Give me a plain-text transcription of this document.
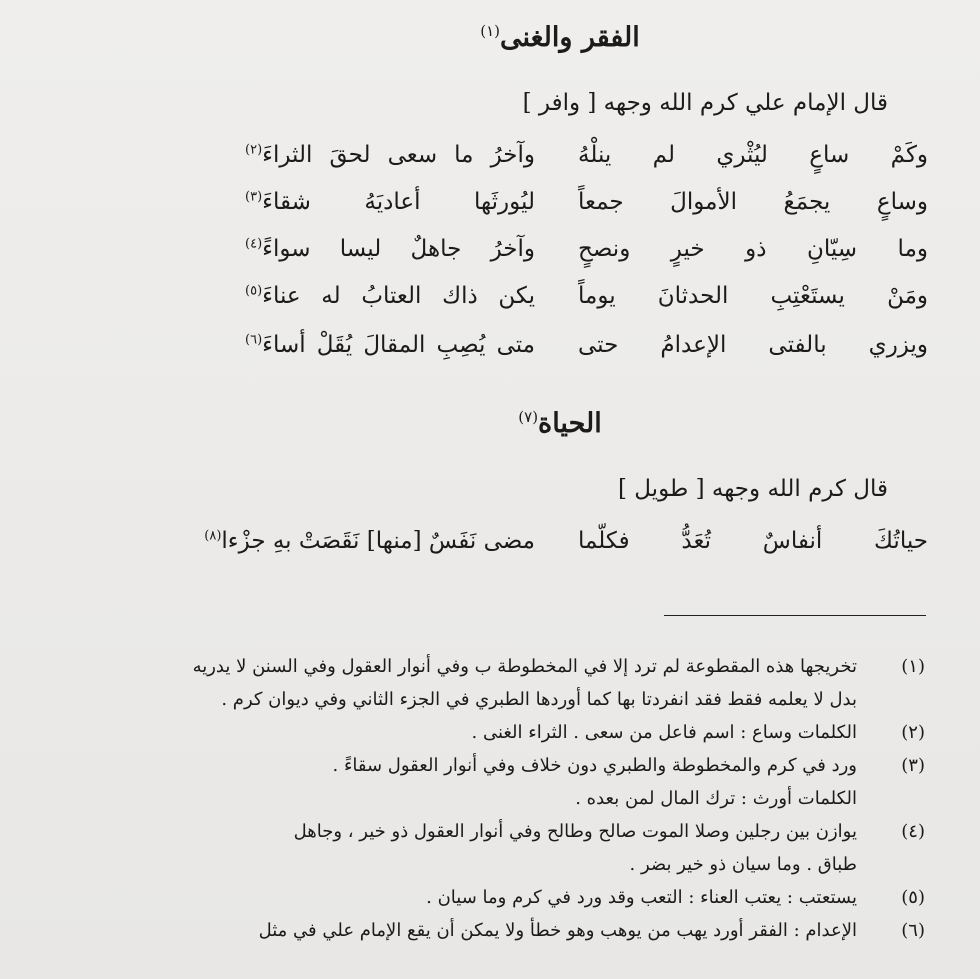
الفقر والغنى$^{(١)}$
قال الإمام علي كرم الله وجهه [ وافر ]
وكَمْ ساعٍ ليُثْري لم ينلْهُ
وآخرُ ما سعى لحقَ الثراءَ$^{(٢)}$
وساعٍ يجمَعُ الأموالَ جمعاً
ليُورثَها أعاديَهُ شقاءَ$^{(٣)}$
وما سِيّانِ ذو خيرٍ ونصحٍ
وآخرُ جاهلٌ ليسا سواءً$^{(٤)}$
ومَنْ يستَعْتِبِ الحدثانَ يوماً
يكن ذاك العتابُ له عناءَ$^{(٥)}$
ويزري بالفتى الإعدامُ حتى
متى يُصِبِ المقالَ يُقَلْ أساءَ$^{(٦)}$
الحياة$^{(٧)}$
قال كرم الله وجهه [ طويل ]
حياتُكَ أنفاسٌ تُعَدُّ فكلّما
مضى نَفَسٌ [منها] نَقَصَتْ بهِ جزْءا$^{(٨)}$
(١)
تخريجها هذه المقطوعة لم ترد إلا في المخطوطة ب وفي أنوار العقول وفي السنن لا يدريه
بدل لا يعلمه فقط فقد انفردتا بها كما أوردها الطبري في الجزء الثاني وفي ديوان كرم .
(٢)
الكلمات وساع : اسم فاعل من سعى . الثراء الغنى .
(٣)
ورد في كرم والمخطوطة والطبري دون خلاف وفي أنوار العقول سقاءً .
الكلمات أورث : ترك المال لمن بعده .
(٤)
يوازن بين رجلين وصلا الموت صالح وطالح وفي أنوار العقول ذو خير ، وجاهل
طباق . وما سيان ذو خير بضر .
(٥)
يستعتب : يعتب العناء : التعب وقد ورد في كرم وما سيان .
(٦)
الإعدام : الفقر أورد يهب من يوهب وهو خطأ ولا يمكن أن يقع الإمام علي في مثل
